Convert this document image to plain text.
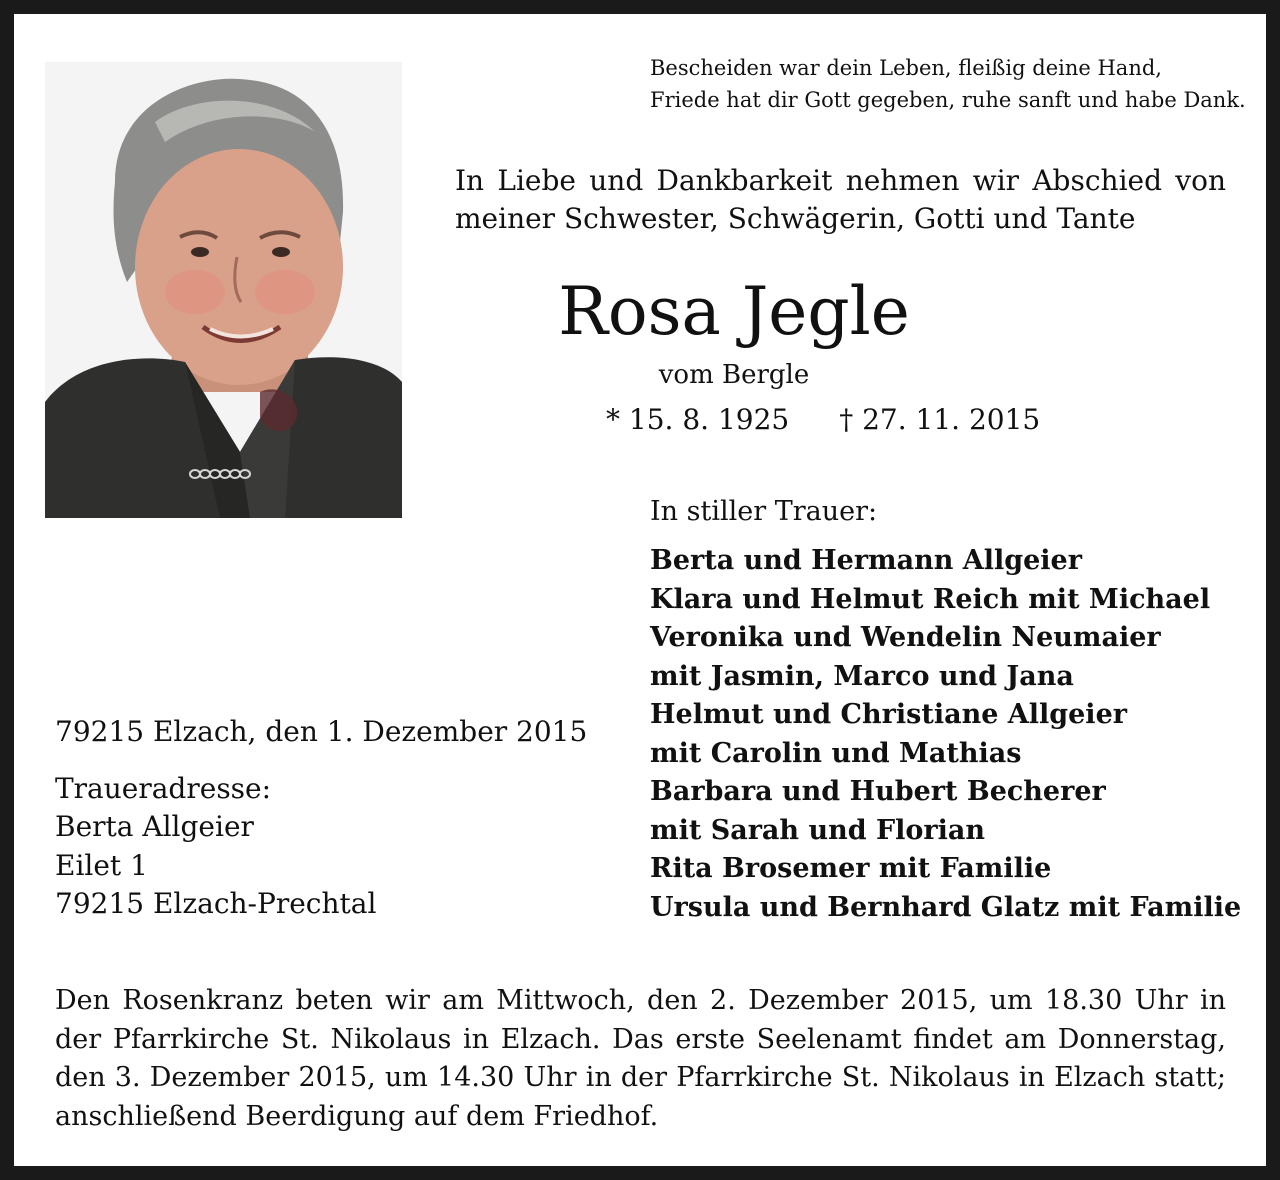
Bescheiden war dein Leben, fleißig deine Hand,
Friede hat dir Gott gegeben, ruhe sanft und habe Dank.
In Liebe und Dankbarkeit nehmen wir Abschied von meiner Schwester, Schwägerin, Gotti und Tante
Rosa Jegle
vom Bergle
* 15. 8. 1925 † 27. 11. 2015
In stiller Trauer:
Berta und Hermann Allgeier
Klara und Helmut Reich mit Michael
Veronika und Wendelin Neumaier
mit Jasmin, Marco und Jana
Helmut und Christiane Allgeier
mit Carolin und Mathias
Barbara und Hubert Becherer
mit Sarah und Florian
Rita Brosemer mit Familie
Ursula und Bernhard Glatz mit Familie
79215 Elzach, den 1. Dezember 2015
Traueradresse:
Berta Allgeier
Eilet 1
79215 Elzach-Prechtal
Den Rosenkranz beten wir am Mittwoch, den 2. Dezember 2015, um 18.30 Uhr in der Pfarrkirche St. Nikolaus in Elzach. Das erste Seelenamt findet am Donnerstag, den 3. Dezember 2015, um 14.30 Uhr in der Pfarrkirche St. Nikolaus in Elzach statt; anschließend Beerdigung auf dem Friedhof.
